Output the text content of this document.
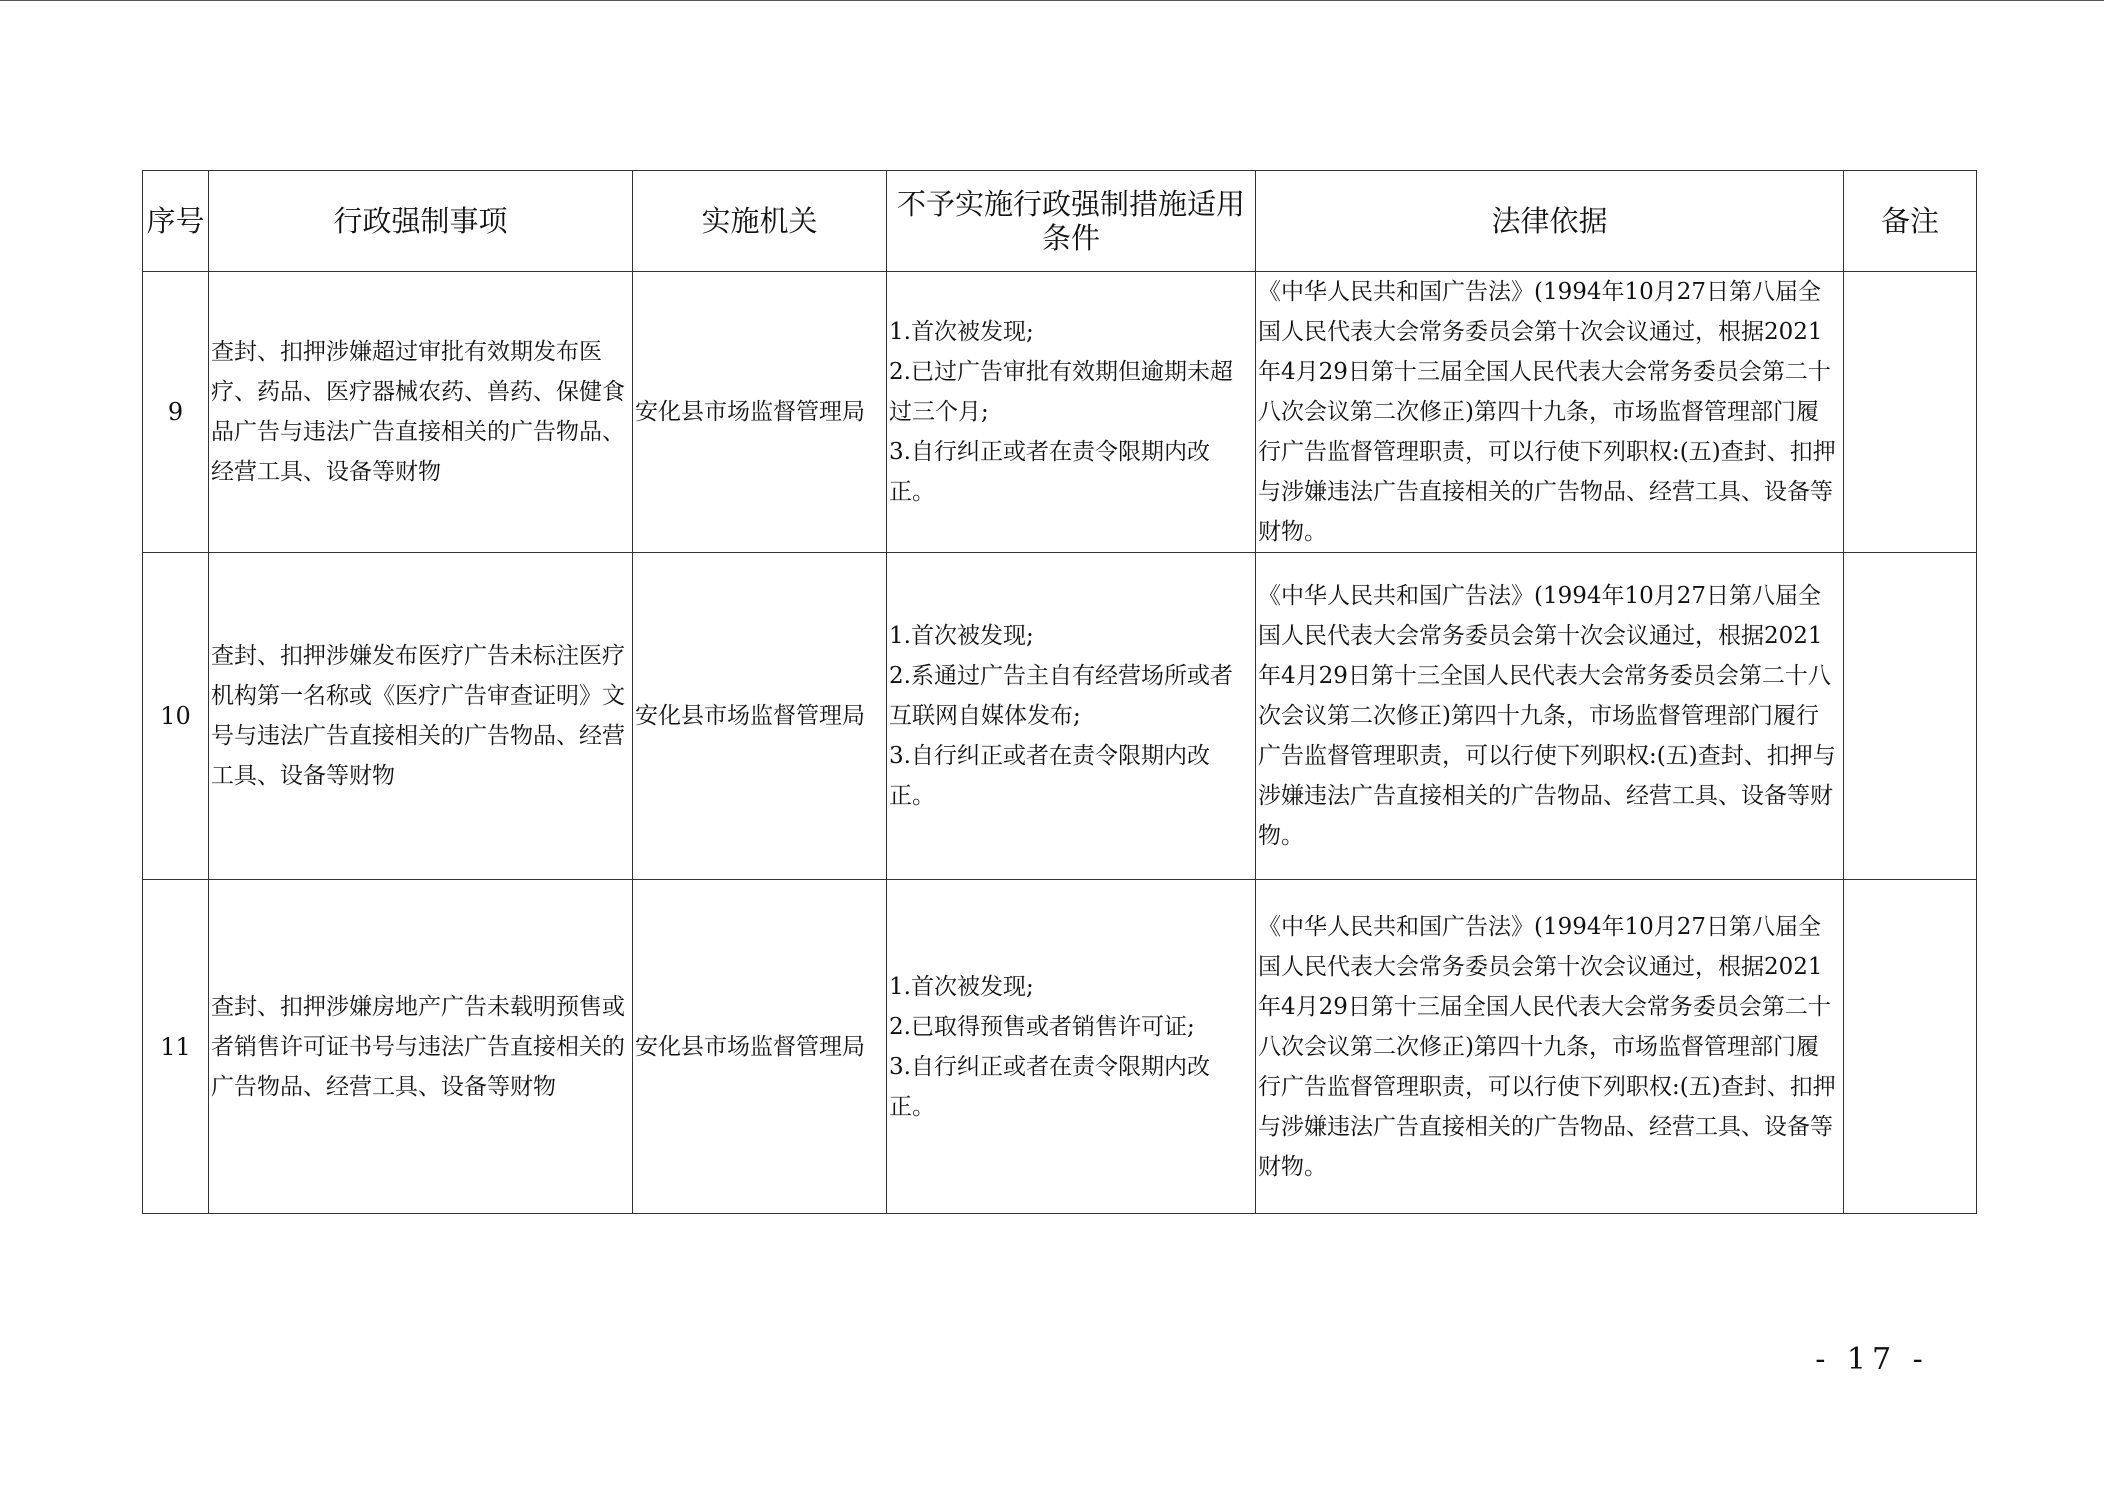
序号	行政强制事项	实施机关	不予实施行政强制措施适用条件	法律依据	备注
9	查封、扣押涉嫌超过审批有效期发布医疗、药品、医疗器械农药、兽药、保健食品广告与违法广告直接相关的广告物品、经营工具、设备等财物	安化县市场监督管理局	1.首次被发现;
2.已过广告审批有效期但逾期未超过三个月;
3.自行纠正或者在责令限期内改正。	《中华人民共和国广告法》(1994年10月27日第八届全国人民代表大会常务委员会第十次会议通过，根据2021年4月29日第十三届全国人民代表大会常务委员会第二十八次会议第二次修正)第四十九条，市场监督管理部门履行广告监督管理职责，可以行使下列职权:(五)查封、扣押与涉嫌违法广告直接相关的广告物品、经营工具、设备等财物。	
10	查封、扣押涉嫌发布医疗广告未标注医疗机构第一名称或《医疗广告审查证明》文号与违法广告直接相关的广告物品、经营工具、设备等财物	安化县市场监督管理局	1.首次被发现;
2.系通过广告主自有经营场所或者互联网自媒体发布;
3.自行纠正或者在责令限期内改正。	《中华人民共和国广告法》(1994年10月27日第八届全国人民代表大会常务委员会第十次会议通过，根据2021年4月29日第十三全国人民代表大会常务委员会第二十八次会议第二次修正)第四十九条，市场监督管理部门履行广告监督管理职责，可以行使下列职权:(五)查封、扣押与涉嫌违法广告直接相关的广告物品、经营工具、设备等财物。	
11	查封、扣押涉嫌房地产广告未载明预售或者销售许可证书号与违法广告直接相关的广告物品、经营工具、设备等财物	安化县市场监督管理局	1.首次被发现;
2.已取得预售或者销售许可证;
3.自行纠正或者在责令限期内改正。	《中华人民共和国广告法》(1994年10月27日第八届全国人民代表大会常务委员会第十次会议通过，根据2021年4月29日第十三届全国人民代表大会常务委员会第二十八次会议第二次修正)第四十九条，市场监督管理部门履行广告监督管理职责，可以行使下列职权:(五)查封、扣押与涉嫌违法广告直接相关的广告物品、经营工具、设备等财物。	
- 17 -
